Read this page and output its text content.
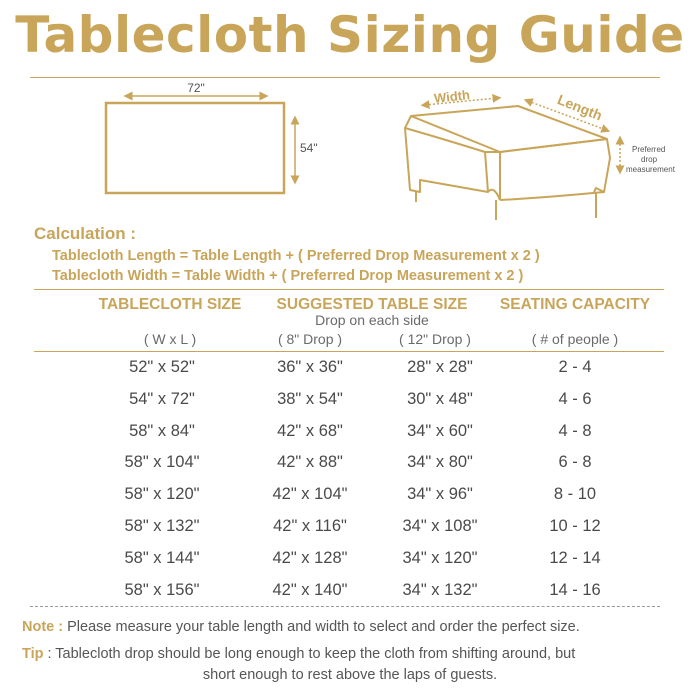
Tablecloth Sizing Guide
72"
54"
Width	Length
Preferred drop measurement
Calculation :
Tablecloth Length = Table Length + ( Preferred Drop Measurement x 2 )
Tablecloth Width = Table Width + ( Preferred Drop Measurement x 2 )
TABLECLOTH SIZE	SUGGESTED TABLE SIZE	SEATING CAPACITY
Drop on each side
( W x L )	( 8" Drop )	( 12" Drop )	( # of people )
52" x 52"	36" x 36"	28" x 28"	2 - 4
54" x 72"	38" x 54"	30" x 48"	4 - 6
58" x 84"	42" x 68"	34" x 60"	4 - 8
58" x 104"	42" x 88"	34" x 80"	6 - 8
58" x 120"	42" x 104"	34" x 96"	8 - 10
58" x 132"	42" x 116"	34" x 108"	10 - 12
58" x 144"	42" x 128"	34" x 120"	12 - 14
58" x 156"	42" x 140"	34" x 132"	14 - 16
Note : Please measure your table length and width to select and order the perfect size.
Tip : Tablecloth drop should be long enough to keep the cloth from shifting around, but
short enough to rest above the laps of guests.
